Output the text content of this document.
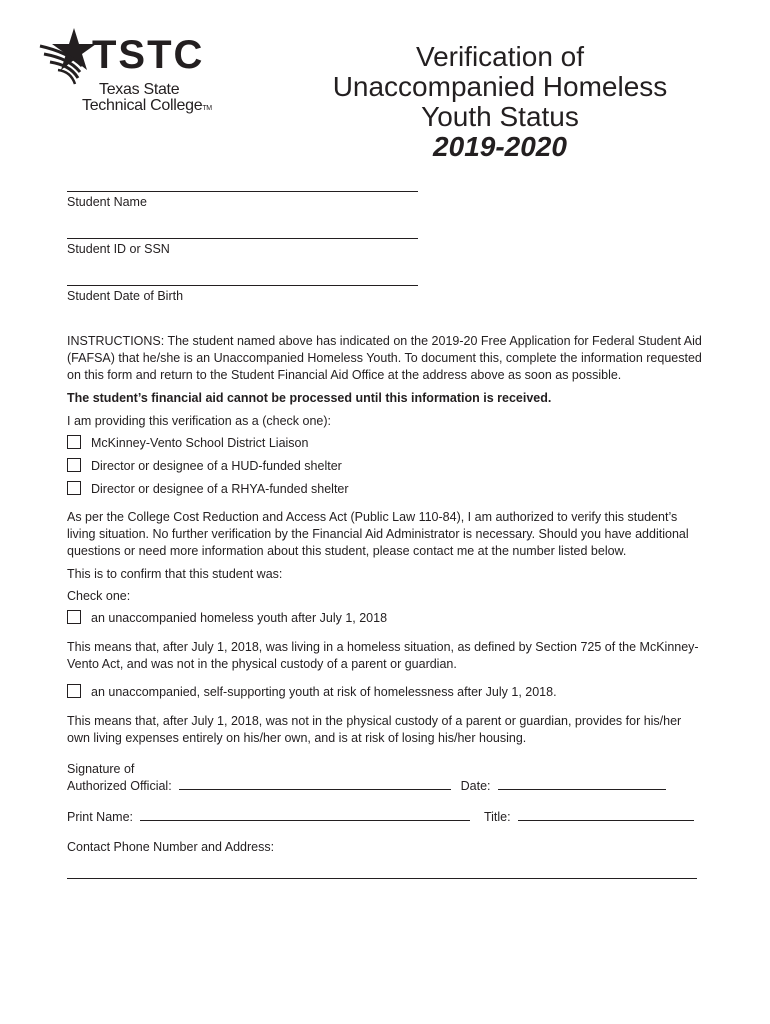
TSTC
Texas State
Technical CollegeTM
Verification of
Unaccompanied Homeless
Youth Status
2019-2020
Student Name
Student ID or SSN
Student Date of Birth
INSTRUCTIONS: The student named above has indicated on the 2019-20 Free Application for Federal Student Aid (FAFSA) that he/she is an Unaccompanied Homeless Youth. To document this, complete the information requested on this form and return to the Student Financial Aid Office at the address above as soon as possible.
The student’s financial aid cannot be processed until this information is received.
I am providing this verification as a (check one):
McKinney-Vento School District Liaison
Director or designee of a HUD-funded shelter
Director or designee of a RHYA-funded shelter
As per the College Cost Reduction and Access Act (Public Law 110-84), I am authorized to verify this student’s living situation. No further verification by the Financial Aid Administrator is necessary. Should you have additional questions or need more information about this student, please contact me at the number listed below.
This is to confirm that this student was:
Check one:
an unaccompanied homeless youth after July 1, 2018
This means that, after July 1, 2018, was living in a homeless situation, as defined by Section 725 of the McKinney-Vento Act, and was not in the physical custody of a parent or guardian.
an unaccompanied, self-supporting youth at risk of homelessness after July 1, 2018.
This means that, after July 1, 2018, was not in the physical custody of a parent or guardian, provides for his/her own living expenses entirely on his/her own, and is at risk of losing his/her housing.
Signature of
Authorized Official:	Date:
Print Name:	Title:
Contact Phone Number and Address:
